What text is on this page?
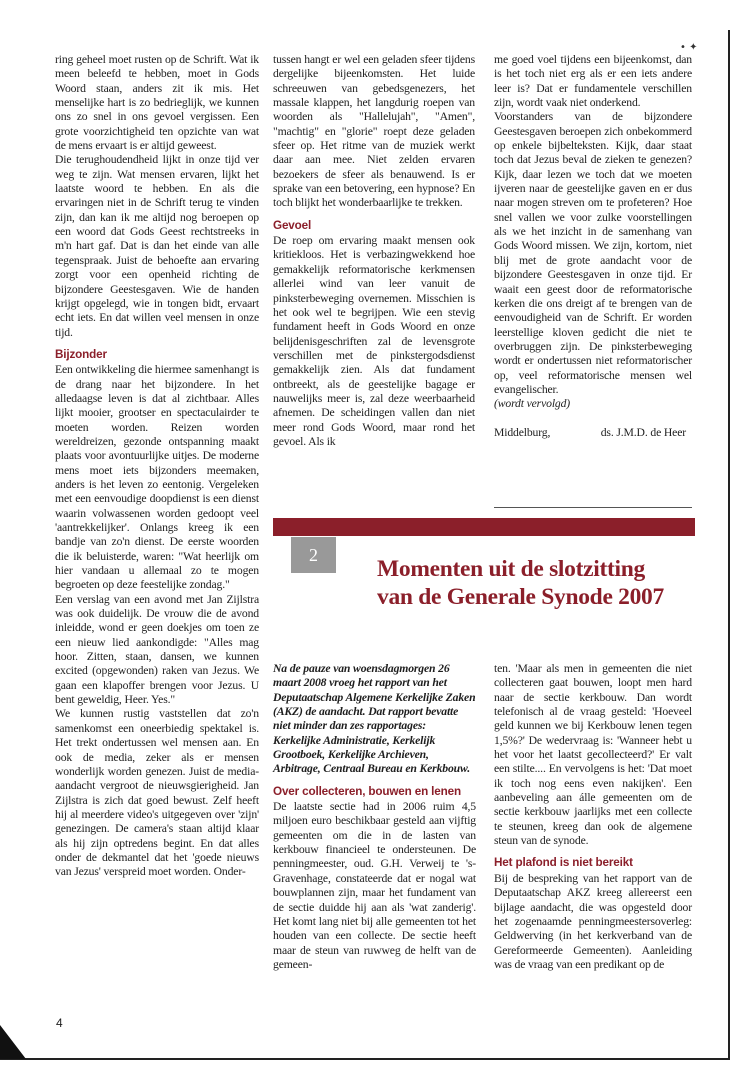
ring geheel moet rusten op de Schrift. Wat ik meen beleefd te hebben, moet in Gods Woord staan, anders zit ik mis. Het menselijke hart is zo bedrieglijk, we kunnen ons zo snel in ons gevoel vergissen. Een grote voorzichtigheid ten opzichte van wat de mens ervaart is er altijd geweest.

Die terughoudendheid lijkt in onze tijd ver weg te zijn. Wat mensen ervaren, lijkt het laatste woord te hebben. En als die ervaringen niet in de Schrift terug te vinden zijn, dan kan ik me altijd nog beroepen op een woord dat Gods Geest rechtstreeks in m'n hart gaf. Dat is dan het einde van alle tegenspraak. Juist de behoefte aan ervaring zorgt voor een openheid richting de bijzondere Geestesgaven. Wie de handen krijgt opgelegd, wie in tongen bidt, ervaart echt iets. En dat willen veel mensen in onze tijd.

Bijzonder

Een ontwikkeling die hiermee samenhangt is de drang naar het bijzondere. In het alledaagse leven is dat al zichtbaar. Alles lijkt mooier, grootser en spectaculairder te moeten worden. Reizen worden wereldreizen, gezonde ontspanning maakt plaats voor avontuurlijke uitjes. De moderne mens moet iets bijzonders meemaken, anders is het leven zo eentonig. Vergeleken met een eenvoudige doopdienst is een dienst waarin volwassenen worden gedoopt veel 'aantrekkelijker'. Onlangs kreeg ik een bandje van zo'n dienst. De eerste woorden die ik beluisterde, waren: "Wat heerlijk om hier vandaan u allemaal zo te mogen begroeten op deze feestelijke zondag."

Een verslag van een avond met Jan Zijlstra was ook duidelijk. De vrouw die de avond inleidde, wond er geen doekjes om toen ze een nieuw lied aankondigde: "Alles mag hoor. Zitten, staan, dansen, we kunnen excited (opgewonden) raken van Jezus. We gaan een klapoffer brengen voor Jezus. U bent geweldig, Heer. Yes."

We kunnen rustig vaststellen dat zo'n samenkomst een oneerbiedig spektakel is. Het trekt ondertussen wel mensen aan. En ook de media, zeker als er mensen wonderlijk worden genezen. Juist de media-aandacht vergroot de nieuwsgierigheid. Jan Zijlstra is zich dat goed bewust. Zelf heeft hij al meerdere video's uitgegeven over 'zijn' genezingen. De camera's staan altijd klaar als hij zijn optredens begint. En dat alles onder de dekmantel dat het 'goede nieuws van Jezus' verspreid moet worden. Onder-

tussen hangt er wel een geladen sfeer tijdens dergelijke bijeenkomsten. Het luide schreeuwen van gebedsgenezers, het massale klappen, het langdurig roepen van woorden als "Hallelujah", "Amen", "machtig" en "glorie" roept deze geladen sfeer op. Het ritme van de muziek werkt daar aan mee. Niet zelden ervaren bezoekers de sfeer als benauwend. Is er sprake van een betovering, een hypnose? En toch blijkt het wonderbaarlijke te trekken.

Gevoel

De roep om ervaring maakt mensen ook kritiekloos. Het is verbazingwekkend hoe gemakkelijk reformatorische kerkmensen allerlei wind van leer vanuit de pinksterbeweging overnemen. Misschien is het ook wel te begrijpen. Wie een stevig fundament heeft in Gods Woord en onze belijdenisgeschriften zal de levensgrote verschillen met de pinkstergodsdienst gemakkelijk zien. Als dat fundament ontbreekt, als de geestelijke bagage er nauwelijks meer is, zal deze weerbaarheid afnemen. De scheidingen vallen dan niet meer rond Gods Woord, maar rond het gevoel. Als ik

me goed voel tijdens een bijeenkomst, dan is het toch niet erg als er een iets andere leer is? Dat er fundamentele verschillen zijn, wordt vaak niet onderkend.

Voorstanders van de bijzondere Geestesgaven beroepen zich onbekommerd op enkele bijbelteksten. Kijk, daar staat toch dat Jezus beval de zieken te genezen? Kijk, daar lezen we toch dat we moeten ijveren naar de geestelijke gaven en er dus naar mogen streven om te profeteren? Hoe snel vallen we voor zulke voorstellingen als we het inzicht in de samenhang van Gods Woord missen. We zijn, kortom, niet blij met de grote aandacht voor de bijzondere Geestesgaven in onze tijd. Er waait een geest door de reformatorische kerken die ons dreigt af te brengen van de eenvoudigheid van de Schrift. Er worden leerstellige kloven gedicht die niet te overbruggen zijn. De pinksterbeweging wordt er ondertussen niet reformatorischer op, veel reformatorische mensen wel evangelischer.

(wordt vervolgd)

Middelburg,	ds. J.M.D. de Heer
2
Momenten uit de slotzitting
van de Generale Synode 2007

Na de pauze van woensdagmorgen 26 maart 2008 vroeg het rapport van het Deputaatschap Algemene Kerkelijke Zaken (AKZ) de aandacht. Dat rapport bevatte niet minder dan zes rapportages: Kerkelijke Administratie, Kerkelijk Grootboek, Kerkelijke Archieven, Arbitrage, Centraal Bureau en Kerkbouw.

Over collecteren, bouwen en lenen

De laatste sectie had in 2006 ruim 4,5 miljoen euro beschikbaar gesteld aan vijftig gemeenten om die in de lasten van kerkbouw financieel te ondersteunen. De penningmeester, oud. G.H. Verweij te 's-Gravenhage, constateerde dat er nogal wat bouwplannen zijn, maar het fundament van de sectie duidde hij aan als 'wat zanderig'. Het komt lang niet bij alle gemeenten tot het houden van een collecte. De sectie heeft maar de steun van ruwweg de helft van de gemeen-

ten. 'Maar als men in gemeenten die niet collecteren gaat bouwen, loopt men hard naar de sectie kerkbouw. Dan wordt telefonisch al de vraag gesteld: 'Hoeveel geld kunnen we bij Kerkbouw lenen tegen 1,5%?' De wedervraag is: 'Wanneer hebt u het voor het laatst gecollecteerd?' Er valt een stilte.... En vervolgens is het: 'Dat moet ik toch nog eens even nakijken'. Een aanbeveling aan álle gemeenten om de sectie kerkbouw jaarlijks met een collecte te steunen, kreeg dan ook de algemene steun van de synode.

Het plafond is niet bereikt

Bij de bespreking van het rapport van de Deputaatschap AKZ kreeg allereerst een bijlage aandacht, die was opgesteld door het zogenaamde penningmeestersoverleg: Geldwerving (in het kerkverband van de Gereformeerde Gemeenten). Aanleiding was de vraag van een predikant op de

4
• ✦
